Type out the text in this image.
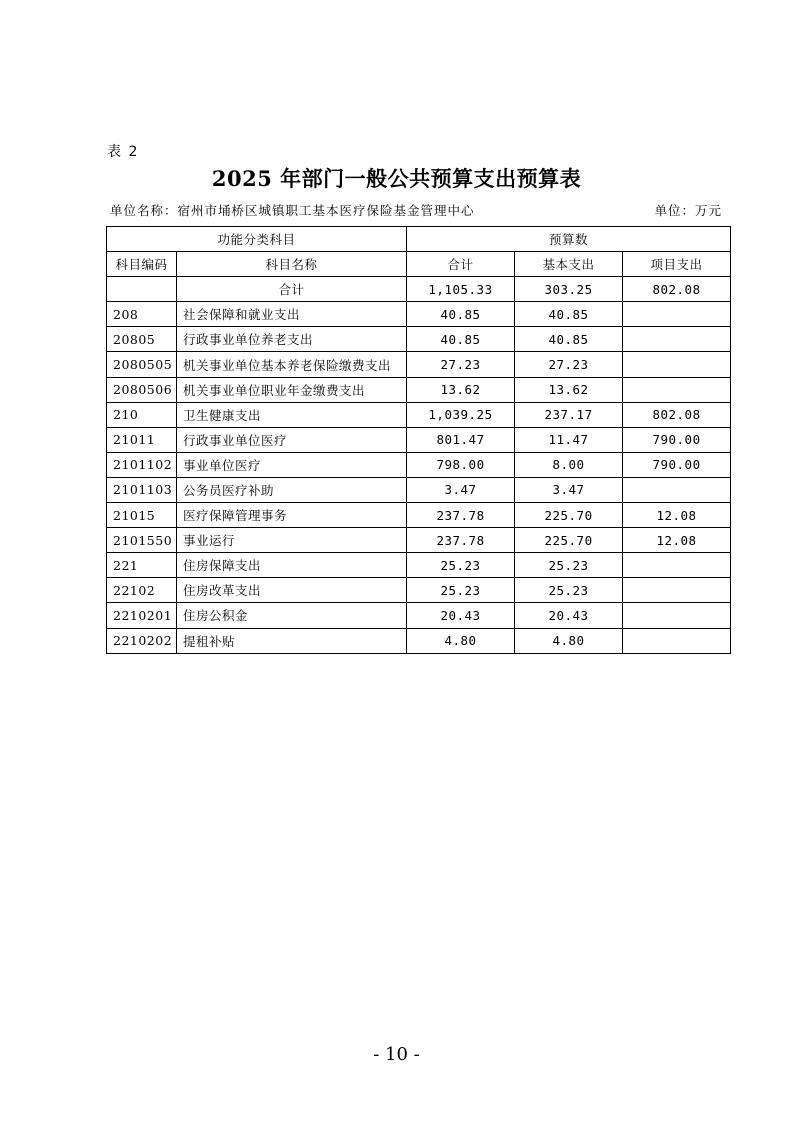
表 2
2025 年部门一般公共预算支出预算表
单位名称：宿州市埇桥区城镇职工基本医疗保险基金管理中心	单位：万元
功能分类科目		预算数		
科目编码	科目名称	合计	基本支出	项目支出
	合计	1,105.33	303.25	802.08
208	社会保障和就业支出	40.85	40.85	
20805	行政事业单位养老支出	40.85	40.85	
2080505	机关事业单位基本养老保险缴费支出	27.23	27.23	
2080506	机关事业单位职业年金缴费支出	13.62	13.62	
210	卫生健康支出	1,039.25	237.17	802.08
21011	行政事业单位医疗	801.47	11.47	790.00
2101102	事业单位医疗	798.00	8.00	790.00
2101103	公务员医疗补助	3.47	3.47	
21015	医疗保障管理事务	237.78	225.70	12.08
2101550	事业运行	237.78	225.70	12.08
221	住房保障支出	25.23	25.23	
22102	住房改革支出	25.23	25.23	
2210201	住房公积金	20.43	20.43	
2210202	提租补贴	4.80	4.80	
- 10 -
